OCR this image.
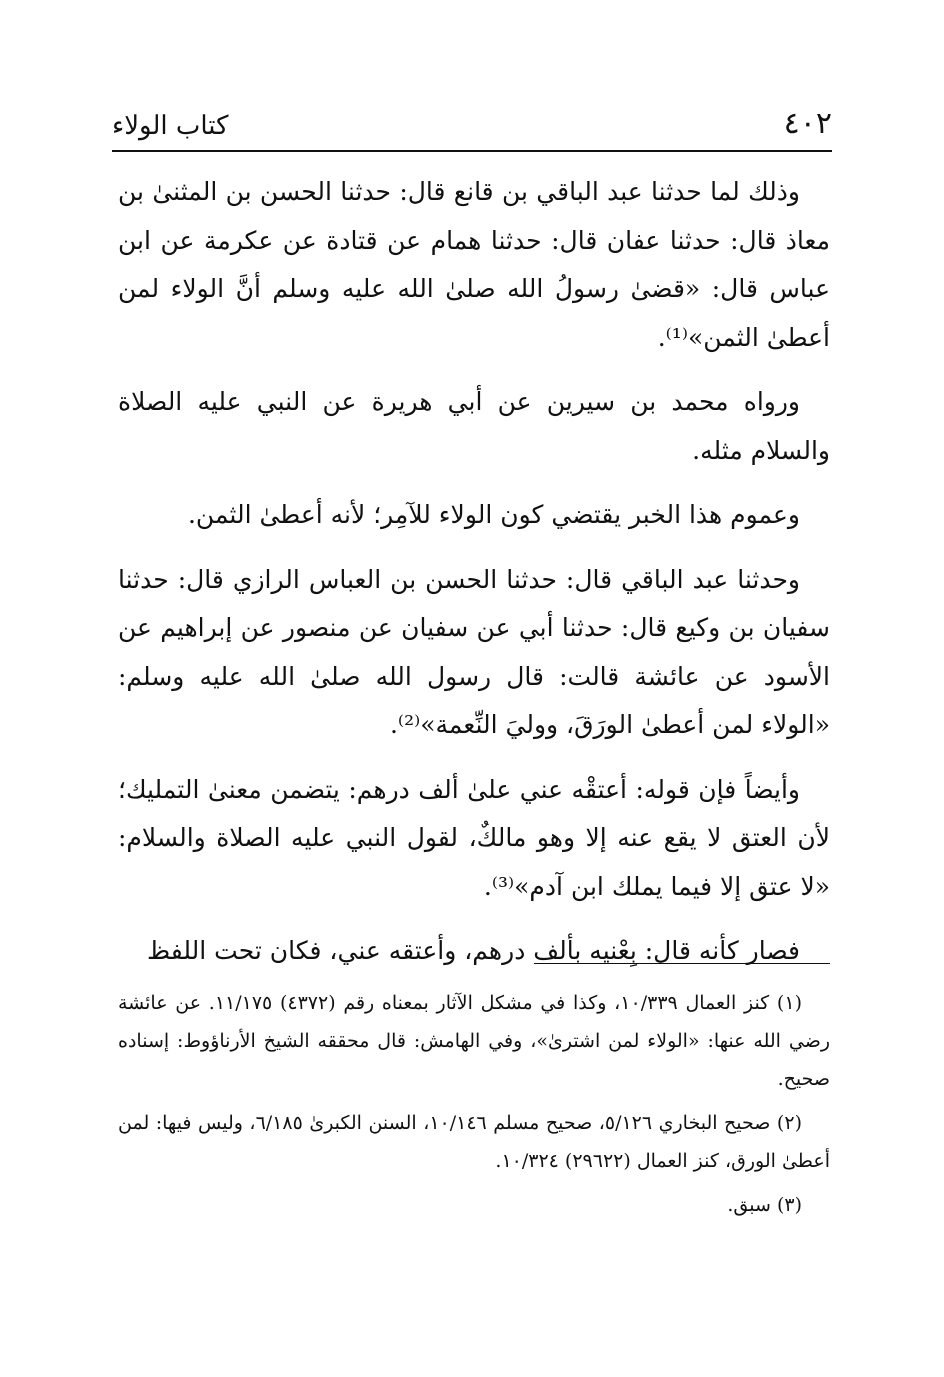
٤٠٢
كتاب الولاء

وذلك لما حدثنا عبد الباقي بن قانع قال: حدثنا الحسن بن المثنىٰ بن معاذ قال: حدثنا عفان قال: حدثنا همام عن قتادة عن عكرمة عن ابن عباس قال: «قضىٰ رسولُ الله صلىٰ الله عليه وسلم أنَّ الولاء لمن أعطىٰ الثمن»⁽¹⁾.

ورواه محمد بن سيرين عن أبي هريرة عن النبي عليه الصلاة والسلام مثله.

وعموم هذا الخبر يقتضي كون الولاء للآمِر؛ لأنه أعطىٰ الثمن.

وحدثنا عبد الباقي قال: حدثنا الحسن بن العباس الرازي قال: حدثنا سفيان بن وكيع قال: حدثنا أبي عن سفيان عن منصور عن إبراهيم عن الأسود عن عائشة قالت: قال رسول الله صلىٰ الله عليه وسلم: «الولاء لمن أعطىٰ الورَقَ، ووليَ النِّعمة»⁽²⁾.

وأيضاً فإن قوله: أعتقْه عني علىٰ ألف درهم: يتضمن معنىٰ التمليك؛ لأن العتق لا يقع عنه إلا وهو مالكٌ، لقول النبي عليه الصلاة والسلام: «لا عتق إلا فيما يملك ابن آدم»⁽³⁾.

فصار كأنه قال: بِعْنيه بألف درهم، وأعتقه عني، فكان تحت اللفظ

(١) كنز العمال ١٠/٣٣٩، وكذا في مشكل الآثار بمعناه رقم (٤٣٧٢) ١١/١٧٥. عن عائشة رضي الله عنها: «الولاء لمن اشترىٰ»، وفي الهامش: قال محققه الشيخ الأرناؤوط: إسناده صحيح.

(٢) صحيح البخاري ٥/١٢٦، صحيح مسلم ١٠/١٤٦، السنن الكبرىٰ ٦/١٨٥، وليس فيها: لمن أعطىٰ الورق، كنز العمال (٢٩٦٢٢) ١٠/٣٢٤.

(٣) سبق.
